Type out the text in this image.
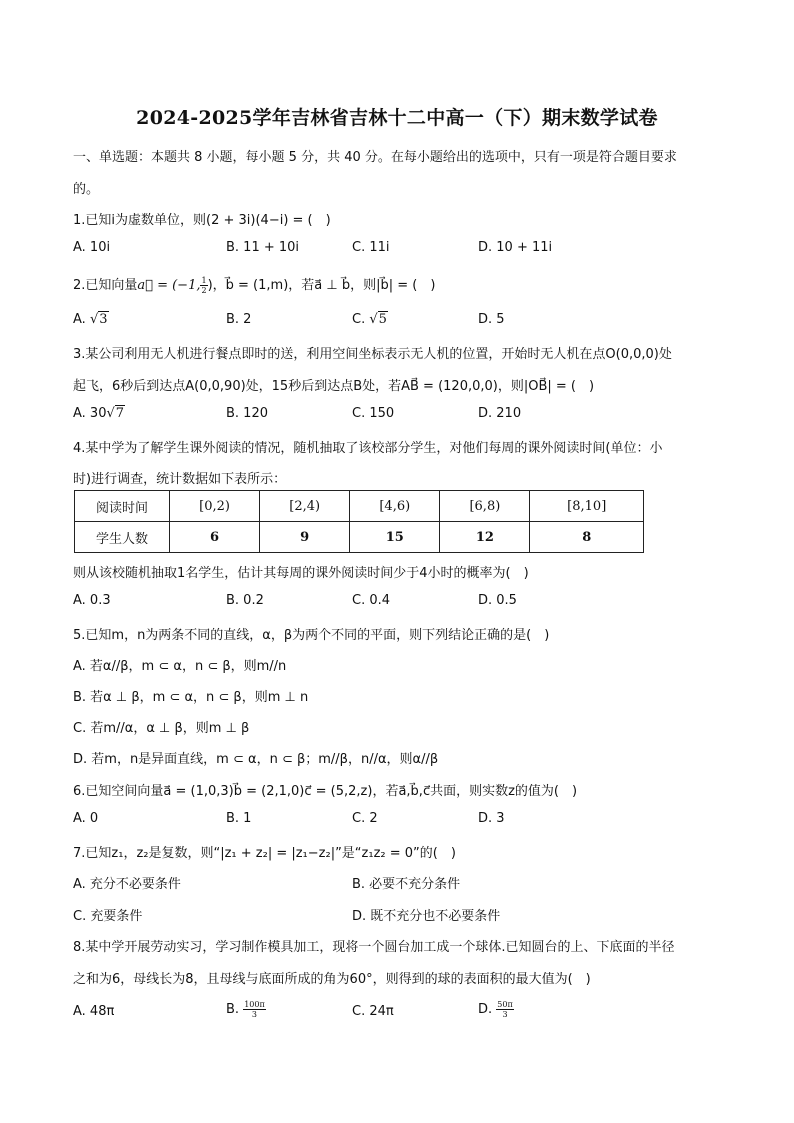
2024-2025学年吉林省吉林十二中高一（下）期末数学试卷
一、单选题：本题共 8 小题，每小题 5 分，共 40 分。在每小题给出的选项中，只有一项是符合题目要求
的。
1.已知i为虚数单位，则(2 + 3i)(4−i) = (　)
A. 10i	B. 11 + 10i	C. 11i	D. 10 + 11i
2.已知向量a⃗ = (−1, $\frac{1}{2}$ )，b⃗ = (1,m)，若a⃗ ⊥ b⃗，则|b⃗| = (　)
A. √3	B. 2	C. √5	D. 5
3.某公司利用无人机进行餐点即时的送，利用空间坐标表示无人机的位置，开始时无人机在点O(0,0,0)处
起飞，6秒后到达点A(0,0,90)处，15秒后到达点B处，若AB⃗ = (120,0,0)，则|OB⃗| = (　)
A. 30√7	B. 120	C. 150	D. 210
4.某中学为了解学生课外阅读的情况，随机抽取了该校部分学生，对他们每周的课外阅读时间(单位：小
时)进行调查，统计数据如下表所示：
阅读时间	[0,2)	[2,4)	[4,6)	[6,8)	[8,10]
学生人数	6	9	15	12	8
则从该校随机抽取1名学生，估计其每周的课外阅读时间少于4小时的概率为(　)
A. 0.3	B. 0.2	C. 0.4	D. 0.5
5.已知m，n为两条不同的直线，α，β为两个不同的平面，则下列结论正确的是(　)
A. 若α//β，m ⊂ α，n ⊂ β，则m//n
B. 若α ⊥ β，m ⊂ α，n ⊂ β，则m ⊥ n
C. 若m//α，α ⊥ β，则m ⊥ β
D. 若m，n是异面直线，m ⊂ α，n ⊂ β；m//β，n//α，则α//β
6.已知空间向量a⃗ = (1,0,3)b⃗ = (2,1,0)c⃗ = (5,2,z)，若a⃗,b⃗,c⃗共面，则实数z的值为(　)
A. 0	B. 1	C. 2	D. 3
7.已知z₁，z₂是复数，则“|z₁ + z₂| = |z₁−z₂|”是“z₁z₂ = 0”的(　)
A. 充分不必要条件	B. 必要不充分条件
C. 充要条件	D. 既不充分也不必要条件
8.某中学开展劳动实习，学习制作模具加工，现将一个圆台加工成一个球体.已知圆台的上、下底面的半径
之和为6，母线长为8，且母线与底面所成的角为60°，则得到的球的表面积的最大值为(　)
A. 48π	B. $\frac{100\pi}{3}$	C. 24π	D. $\frac{50\pi}{3}$
